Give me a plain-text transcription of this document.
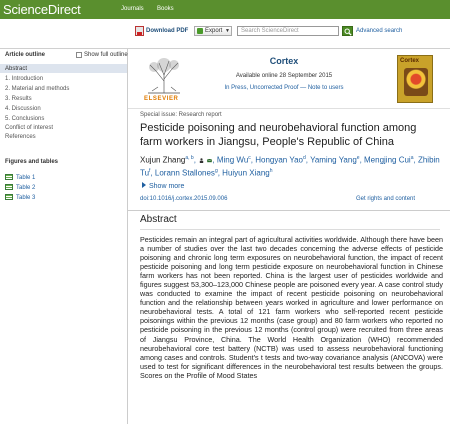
ScienceDirect	Journals Books
Download PDF	Export ▼	Search ScienceDirect	Advanced search
Article outline	Show full outline
Abstract
1. Introduction
2. Material and methods
3. Results
4. Discussion
5. Conclusions
Conflict of interest
References
Figures and tables
Table 1
Table 2
Table 3
ELSEVIER
Cortex
Available online 28 September 2015
In Press, Uncorrected Proof — Note to users
Cortex
Special issue: Research report
Pesticide poisoning and neurobehavioral function among farm workers in Jiangsu, People's Republic of China
Xujun Zhang$^{a, b}$,  , Ming Wu$^c$, Hongyan Yao$^d$, Yaming Yang$^e$, Mengjing Cui$^a$, Zhibin Tu$^f$, Lorann Stallones$^g$, Huiyun Xiang$^h$
Show more
doi:10.1016/j.cortex.2015.09.006	Get rights and content
Abstract
Pesticides remain an integral part of agricultural activities worldwide. Although there have been a number of studies over the last two decades concerning the adverse effects of pesticide poisoning and chronic long term exposures on neurobehavioral function, the impact of recent pesticide poisoning and long term pesticide exposure on neurobehavioral function in Chinese farm workers has not been reported. China is the largest user of pesticides worldwide and figures suggest 53,300–123,000 Chinese people are poisoned every year. A case control study was conducted to examine the impact of recent pesticide poisoning on neurobehavioral function and the relationship between years worked in agriculture and lower performance on neurobehavioral tests. A total of 121 farm workers who self-reported recent pesticide poisonings within the previous 12 months (case group) and 80 farm workers who reported no pesticide poisoning in the previous 12 months (control group) were recruited from three areas of Jiangsu Province, China. The World Health Organization (WHO) recommended neurobehavioral core test battery (NCTB) was used to assess neurobehavioral functioning among cases and controls. Student's t tests and two-way covariance analysis (ANCOVA) were used to test for significant differences in the neurobehavioral test results between the groups. Scores on the Profile of Mood States
